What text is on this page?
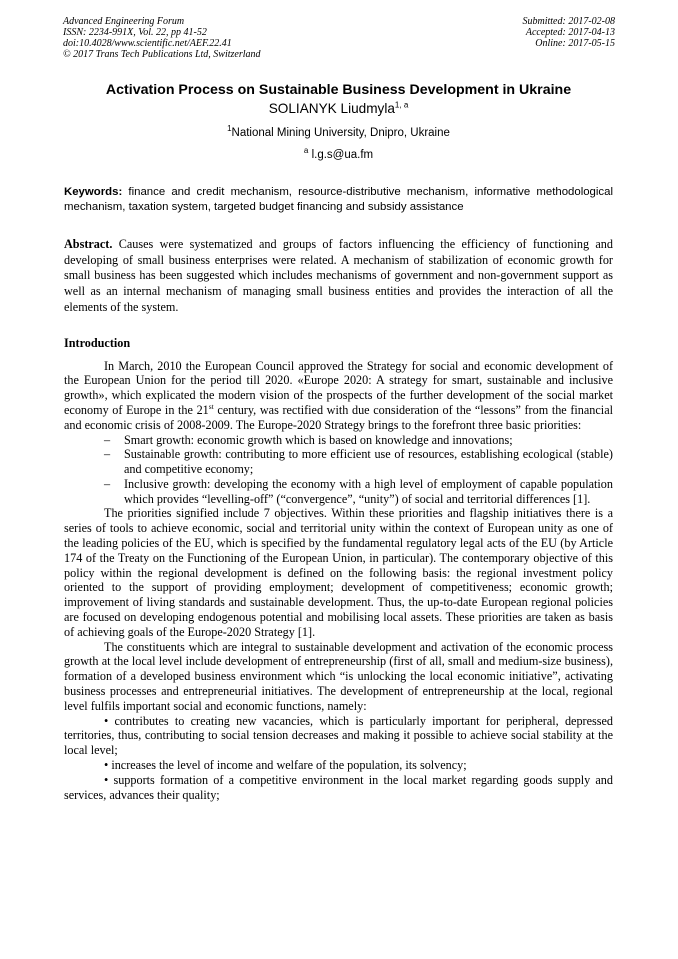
Advanced Engineering Forum
ISSN: 2234-991X, Vol. 22, pp 41-52
doi:10.4028/www.scientific.net/AEF.22.41
© 2017 Trans Tech Publications Ltd, Switzerland
Submitted: 2017-02-08
Accepted: 2017-04-13
Online: 2017-05-15
Activation Process on Sustainable Business Development in Ukraine
SOLIANYK Liudmyla$^{1, a}$
$^1$National Mining University, Dnipro, Ukraine
$^a$ l.g.s@ua.fm
Keywords: finance and credit mechanism, resource-distributive mechanism, informative methodological mechanism, taxation system, targeted budget financing and subsidy assistance
Abstract. Causes were systematized and groups of factors influencing the efficiency of functioning and developing of small business enterprises were related. A mechanism of stabilization of economic growth for small business has been suggested which includes mechanisms of government and non-government support as well as an internal mechanism of managing small business entities and provides the interaction of all the elements of the system.
Introduction

In March, 2010 the European Council approved the Strategy for social and economic development of the European Union for the period till 2020. «Europe 2020: A strategy for smart, sustainable and inclusive growth», which explicated the modern vision of the prospects of the further development of the social market economy of Europe in the 21st century, was rectified with due consideration of the “lessons” from the financial and economic crisis of 2008-2009. The Europe-2020 Strategy brings to the forefront three basic priorities:

– Smart growth: economic growth which is based on knowledge and innovations;
– Sustainable growth: contributing to more efficient use of resources, establishing ecological (stable) and competitive economy;
– Inclusive growth: developing the economy with a high level of employment of capable population which provides “levelling-off” (“convergence”, “unity”) of social and territorial differences [1].

The priorities signified include 7 objectives. Within these priorities and flagship initiatives there is a series of tools to achieve economic, social and territorial unity within the context of European unity as one of the leading policies of the EU, which is specified by the fundamental regulatory legal acts of the EU (by Article 174 of the Treaty on the Functioning of the European Union, in particular). The contemporary objective of this policy within the regional development is defined on the following basis: the regional investment policy oriented to the support of providing employment; development of competitiveness; economic growth; improvement of living standards and sustainable development. Thus, the up-to-date European regional policies are focused on developing endogenous potential and mobilising local assets. These priorities are taken as basis of achieving goals of the Europe-2020 Strategy [1].

The constituents which are integral to sustainable development and activation of the economic process growth at the local level include development of entrepreneurship (first of all, small and medium-size business), formation of a developed business environment which “is unlocking the local economic initiative”, activating business processes and entrepreneurial initiatives. The development of entrepreneurship at the local, regional level fulfils important social and economic functions, namely:

• contributes to creating new vacancies, which is particularly important for peripheral, depressed territories, thus, contributing to social tension decreases and making it possible to achieve social stability at the local level;

• increases the level of income and welfare of the population, its solvency;

• supports formation of a competitive environment in the local market regarding goods supply and services, advances their quality;
